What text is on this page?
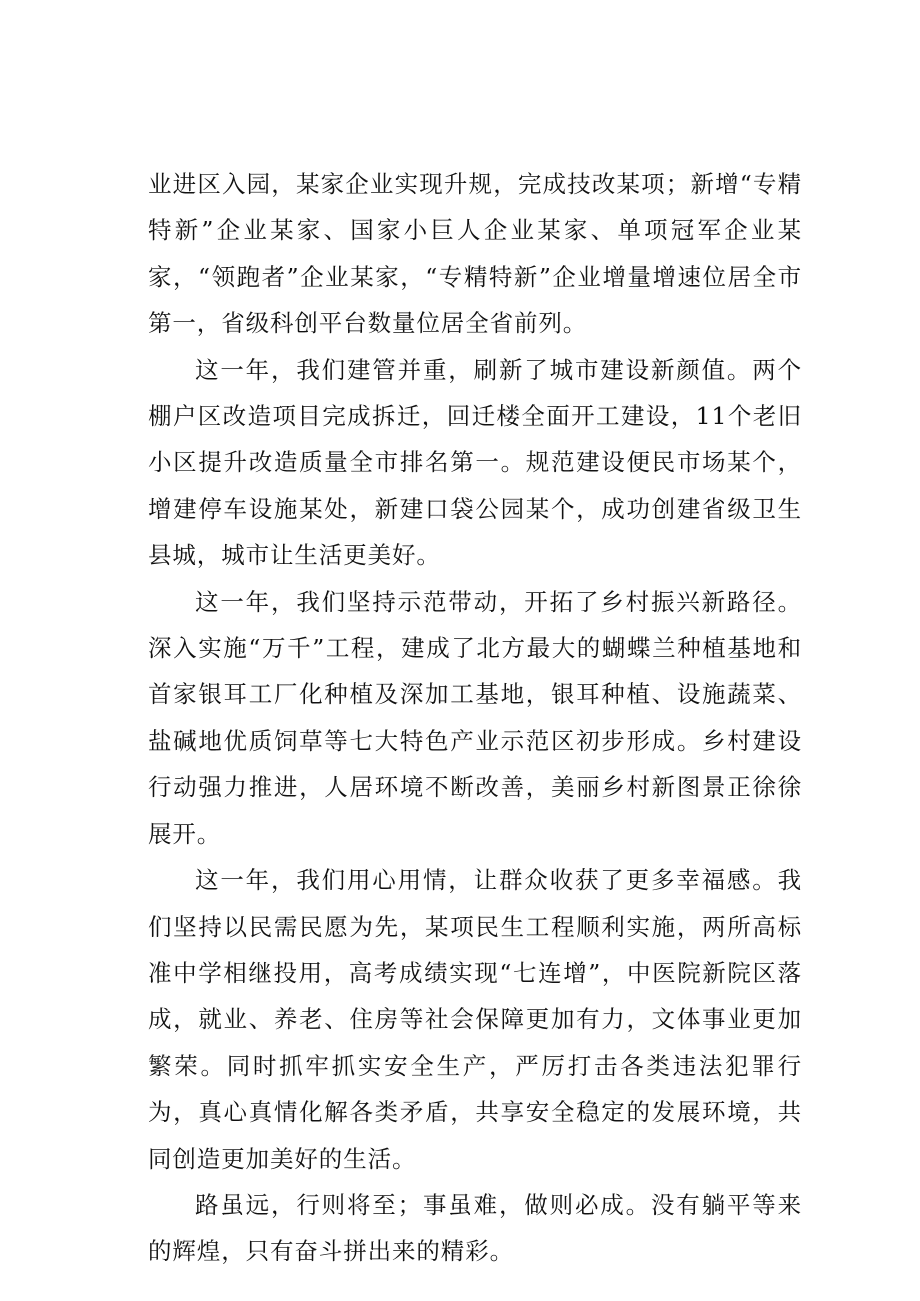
业进区入园，某家企业实现升规，完成技改某项；新增“专精特新”企业某家、国家小巨人企业某家、单项冠军企业某家，“领跑者”企业某家，“专精特新”企业增量增速位居全市第一，省级科创平台数量位居全省前列。

这一年，我们建管并重，刷新了城市建设新颜值。两个棚户区改造项目完成拆迁，回迁楼全面开工建设，11个老旧小区提升改造质量全市排名第一。规范建设便民市场某个，增建停车设施某处，新建口袋公园某个，成功创建省级卫生县城，城市让生活更美好。

这一年，我们坚持示范带动，开拓了乡村振兴新路径。深入实施“万千”工程，建成了北方最大的蝴蝶兰种植基地和首家银耳工厂化种植及深加工基地，银耳种植、设施蔬菜、盐碱地优质饲草等七大特色产业示范区初步形成。乡村建设行动强力推进，人居环境不断改善，美丽乡村新图景正徐徐展开。

这一年，我们用心用情，让群众收获了更多幸福感。我们坚持以民需民愿为先，某项民生工程顺利实施，两所高标准中学相继投用，高考成绩实现“七连增”，中医院新院区落成，就业、养老、住房等社会保障更加有力，文体事业更加繁荣。同时抓牢抓实安全生产，严厉打击各类违法犯罪行为，真心真情化解各类矛盾，共享安全稳定的发展环境，共同创造更加美好的生活。

路虽远，行则将至；事虽难，做则必成。没有躺平等来的辉煌，只有奋斗拼出来的精彩。
